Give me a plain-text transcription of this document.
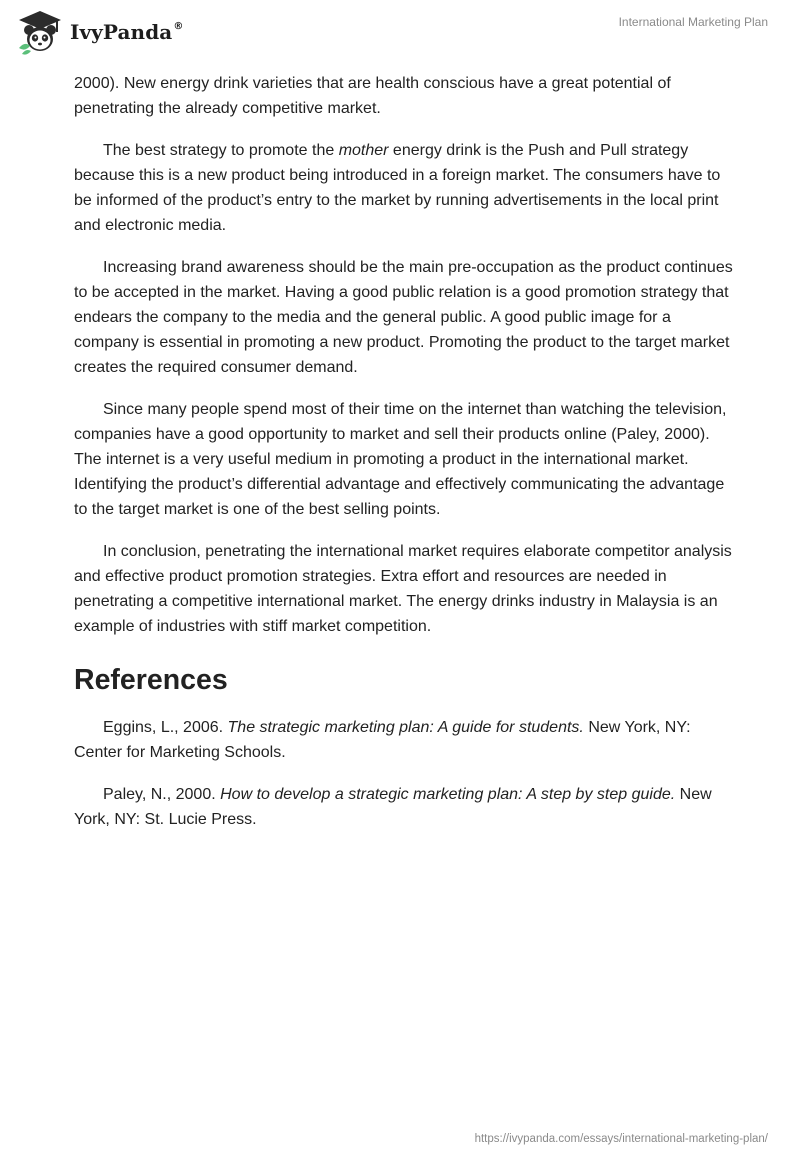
IvyPanda®	International Marketing Plan

2000). New energy drink varieties that are health conscious have a great potential of penetrating the already competitive market.

The best strategy to promote the mother energy drink is the Push and Pull strategy because this is a new product being introduced in a foreign market. The consumers have to be informed of the product’s entry to the market by running advertisements in the local print and electronic media.

Increasing brand awareness should be the main pre-occupation as the product continues to be accepted in the market. Having a good public relation is a good promotion strategy that endears the company to the media and the general public. A good public image for a company is essential in promoting a new product. Promoting the product to the target market creates the required consumer demand.

Since many people spend most of their time on the internet than watching the television, companies have a good opportunity to market and sell their products online (Paley, 2000). The internet is a very useful medium in promoting a product in the international market. Identifying the product’s differential advantage and effectively communicating the advantage to the target market is one of the best selling points.

In conclusion, penetrating the international market requires elaborate competitor analysis and effective product promotion strategies. Extra effort and resources are needed in penetrating a competitive international market. The energy drinks industry in Malaysia is an example of industries with stiff market competition.

References

Eggins, L., 2006. The strategic marketing plan: A guide for students. New York, NY: Center for Marketing Schools.

Paley, N., 2000. How to develop a strategic marketing plan: A step by step guide. New York, NY: St. Lucie Press.

https://ivypanda.com/essays/international-marketing-plan/
